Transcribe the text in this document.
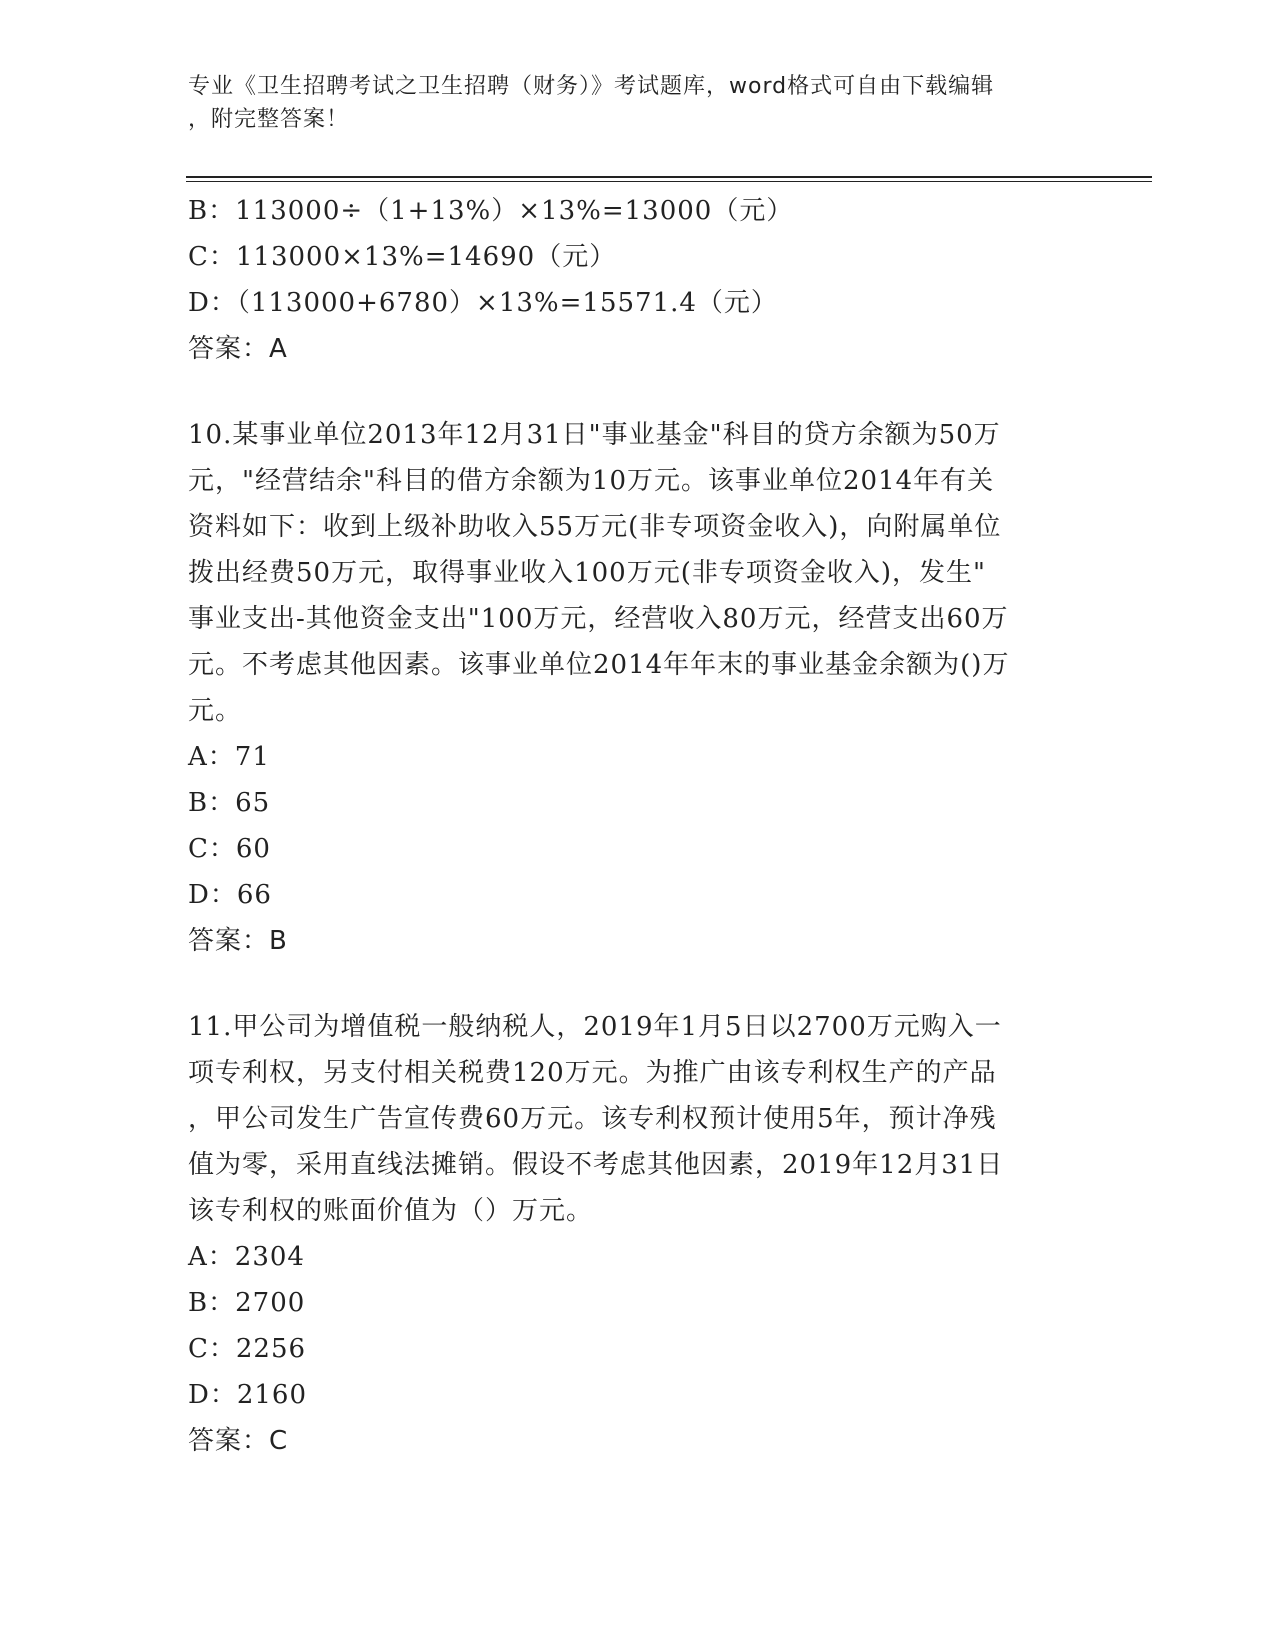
专业《卫生招聘考试之卫生招聘（财务）》考试题库，word格式可自由下载编辑
，附完整答案！
B：113000÷（1+13%）×13%=13000（元）
C：113000×13%=14690（元）
D：（113000+6780）×13%=15571.4（元）
答案：A
10.某事业单位2013年12月31日"事业基金"科目的贷方余额为50万
元，"经营结余"科目的借方余额为10万元。该事业单位2014年有关
资料如下：收到上级补助收入55万元(非专项资金收入)，向附属单位
拨出经费50万元，取得事业收入100万元(非专项资金收入)，发生"
事业支出-其他资金支出"100万元，经营收入80万元，经营支出60万
元。不考虑其他因素。该事业单位2014年年末的事业基金余额为()万
元。
A：71
B：65
C：60
D：66
答案：B
11.甲公司为增值税一般纳税人，2019年1月5日以2700万元购入一
项专利权，另支付相关税费120万元。为推广由该专利权生产的产品
，甲公司发生广告宣传费60万元。该专利权预计使用5年，预计净残
值为零，采用直线法摊销。假设不考虑其他因素，2019年12月31日
该专利权的账面价值为（）万元。
A：2304
B：2700
C：2256
D：2160
答案：C
